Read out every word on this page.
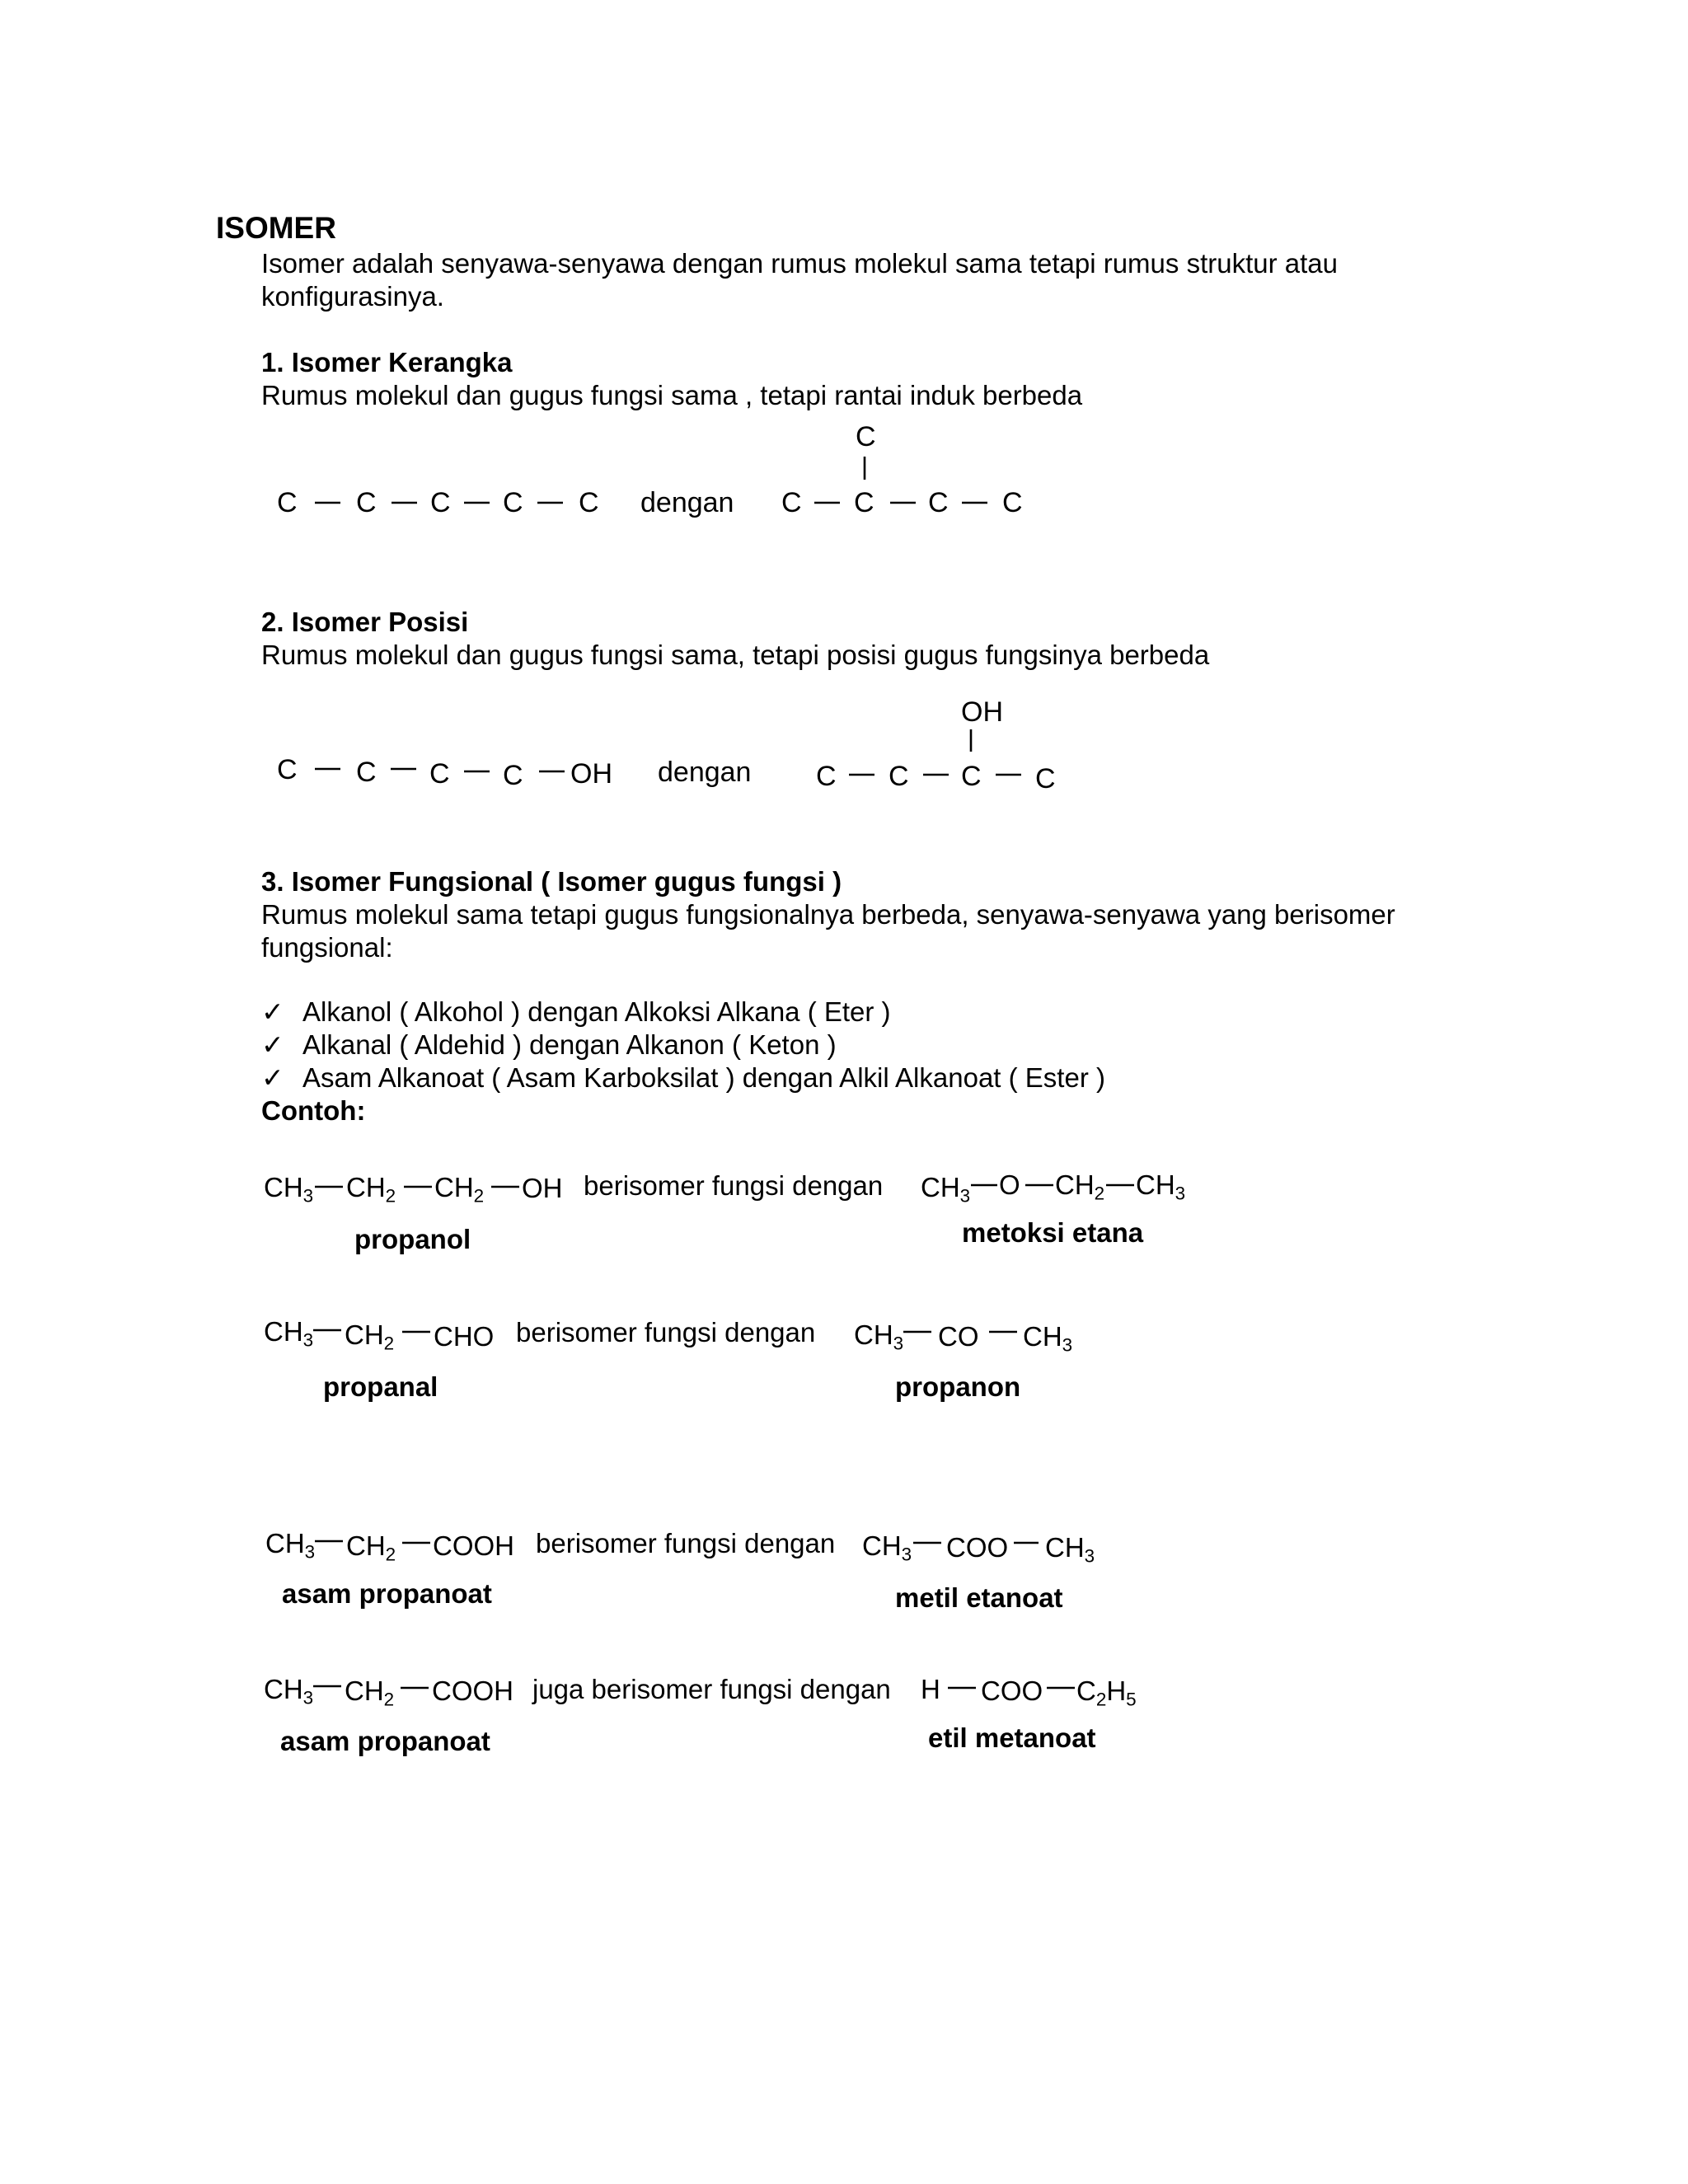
ISOMER
Isomer adalah senyawa-senyawa dengan rumus molekul sama tetapi rumus struktur atau
konfigurasinya.
1. Isomer Kerangka
Rumus molekul dan gugus fungsi sama , tetapi rantai induk berbeda
C C C C C dengan C C C C
C
2. Isomer Posisi
Rumus molekul dan gugus fungsi sama, tetapi posisi gugus fungsinya berbeda
C C C C OH dengan C C C C
OH
3. Isomer Fungsional ( Isomer gugus fungsi )
Rumus molekul sama tetapi gugus fungsionalnya berbeda, senyawa-senyawa yang berisomer
fungsional:
✓ Alkanol ( Alkohol ) dengan Alkoksi Alkana ( Eter )
✓ Alkanal ( Aldehid ) dengan Alkanon ( Keton )
✓ Asam Alkanoat ( Asam Karboksilat ) dengan Alkil Alkanoat ( Ester )
Contoh:
$CH_3$ $CH_2$ $CH_2$ OH berisomer fungsi dengan $CH_3$ O $CH_2$ $CH_3$
propanol	metoksi etana
$CH_3$ $CH_2$ CHO berisomer fungsi dengan $CH_3$ CO $CH_3$
propanal	propanon
$CH_3$ $CH_2$ COOH berisomer fungsi dengan $CH_3$ COO $CH_3$
asam propanoat	metil etanoat
$CH_3$ $CH_2$ COOH juga berisomer fungsi dengan H COO $C_2H_5$
asam propanoat	etil metanoat
